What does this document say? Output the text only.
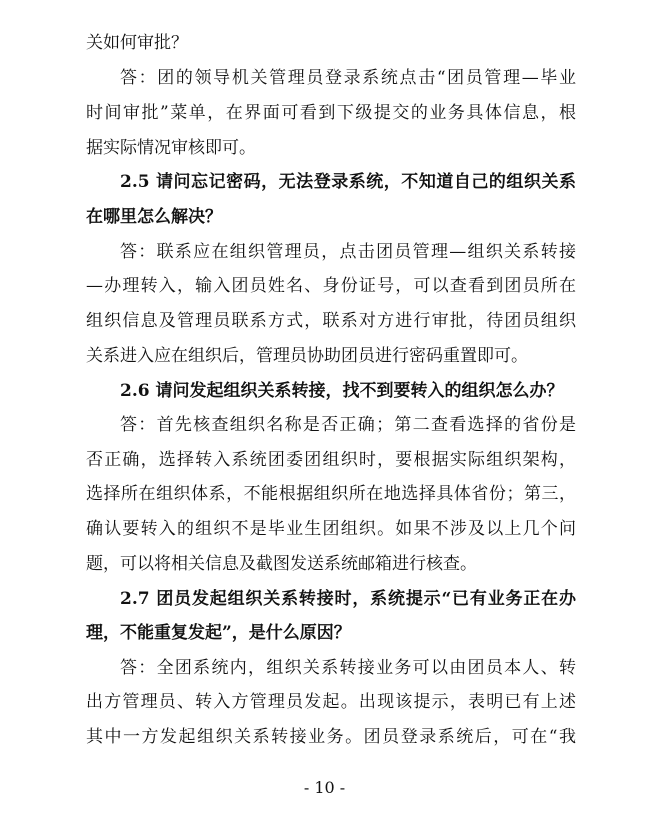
关如何审批？
答：团的领导机关管理员登录系统点击“团员管理—毕业
时间审批”菜单，在界面可看到下级提交的业务具体信息，根
据实际情况审核即可。
2.5 请问忘记密码，无法登录系统，不知道自己的组织关系
在哪里怎么解决？
答：联系应在组织管理员，点击团员管理—组织关系转接
—办理转入，输入团员姓名、身份证号，可以查看到团员所在
组织信息及管理员联系方式，联系对方进行审批，待团员组织
关系进入应在组织后，管理员协助团员进行密码重置即可。
2.6 请问发起组织关系转接，找不到要转入的组织怎么办？
答：首先核查组织名称是否正确；第二查看选择的省份是
否正确，选择转入系统团委团组织时，要根据实际组织架构，
选择所在组织体系，不能根据组织所在地选择具体省份；第三，
确认要转入的组织不是毕业生团组织。如果不涉及以上几个问
题，可以将相关信息及截图发送系统邮箱进行核查。
2.7 团员发起组织关系转接时，系统提示“已有业务正在办
理，不能重复发起”，是什么原因？
答：全团系统内，组织关系转接业务可以由团员本人、转
出方管理员、转入方管理员发起。出现该提示，表明已有上述
其中一方发起组织关系转接业务。团员登录系统后，可在“我
- 10 -
